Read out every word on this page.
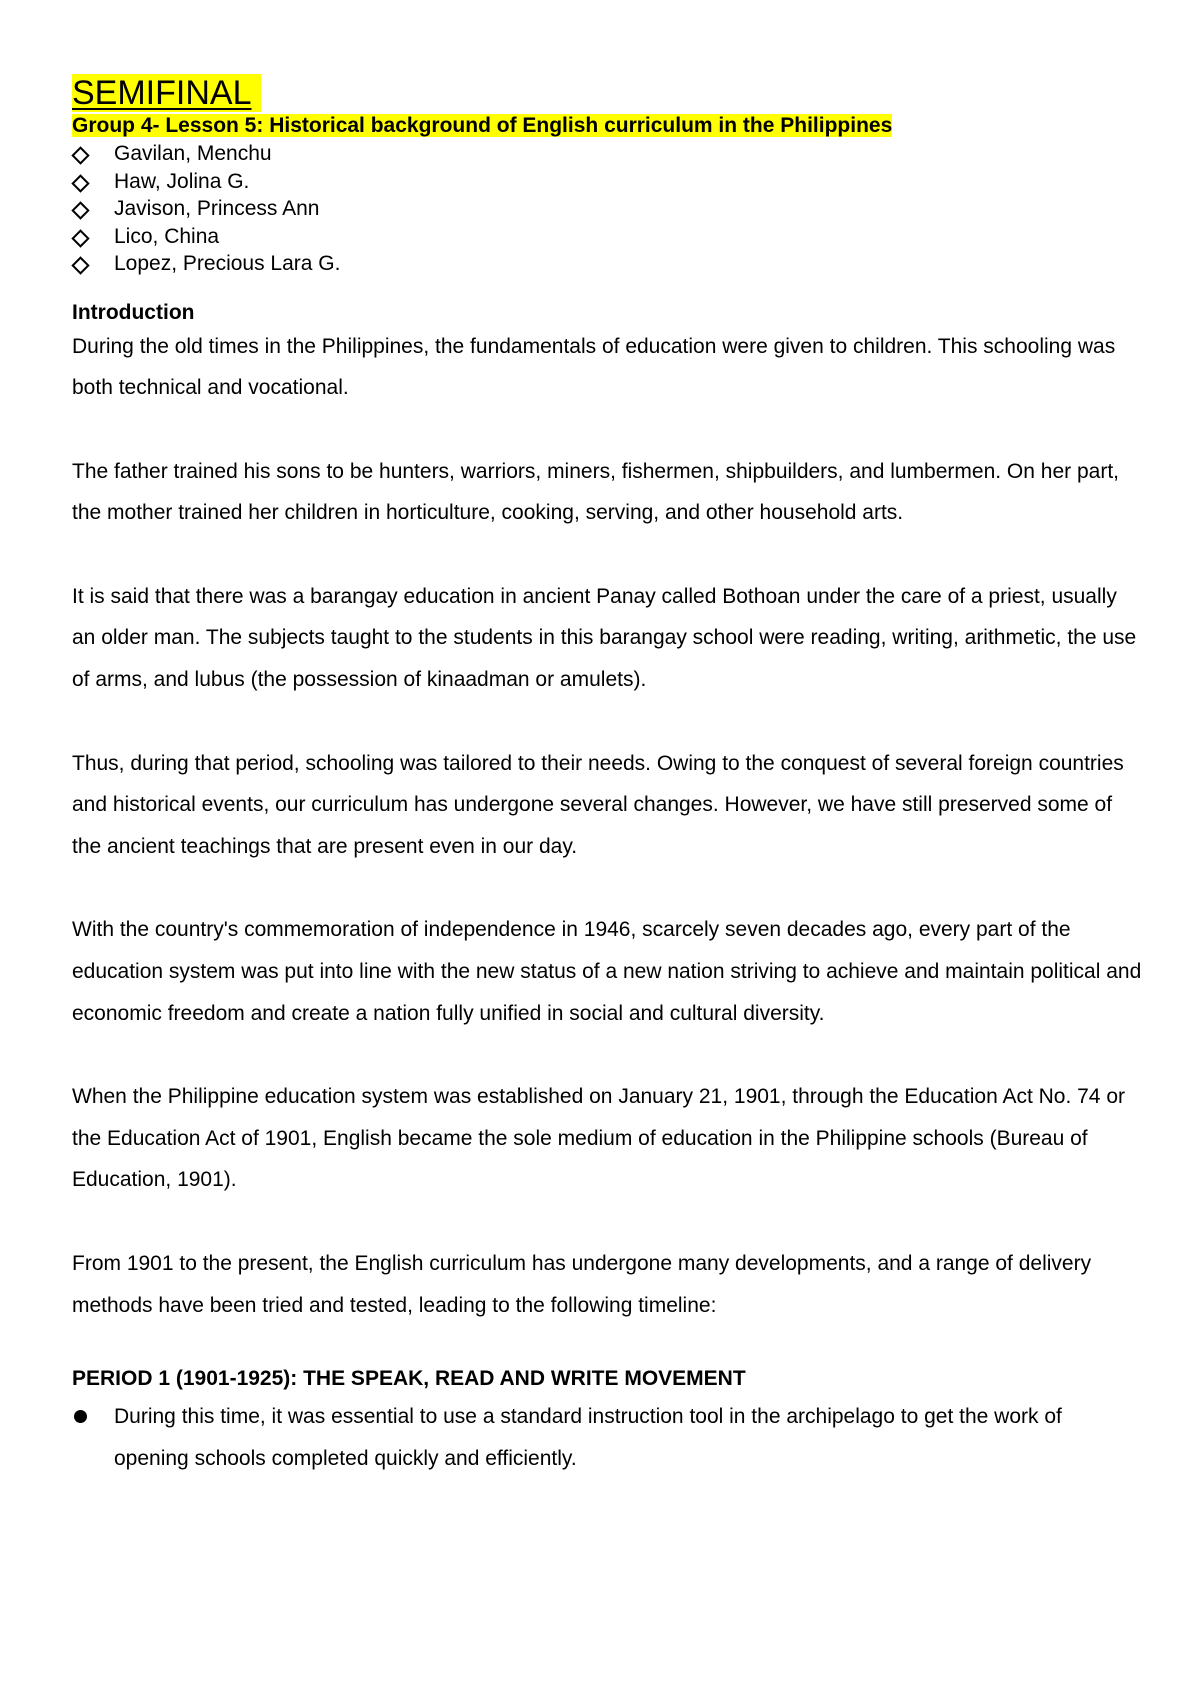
SEMIFINAL
Group 4- Lesson 5: Historical background of English curriculum in the Philippines
Gavilan, Menchu
Haw, Jolina G.
Javison, Princess Ann
Lico, China
Lopez, Precious Lara G.
Introduction

During the old times in the Philippines, the fundamentals of education were given to children. This schooling was both technical and vocational.

The father trained his sons to be hunters, warriors, miners, fishermen, shipbuilders, and lumbermen. On her part, the mother trained her children in horticulture, cooking, serving, and other household arts.

It is said that there was a barangay education in ancient Panay called Bothoan under the care of a priest, usually an older man. The subjects taught to the students in this barangay school were reading, writing, arithmetic, the use of arms, and lubus (the possession of kinaadman or amulets).

Thus, during that period, schooling was tailored to their needs. Owing to the conquest of several foreign countries and historical events, our curriculum has undergone several changes. However, we have still preserved some of the ancient teachings that are present even in our day.

With the country's commemoration of independence in 1946, scarcely seven decades ago, every part of the education system was put into line with the new status of a new nation striving to achieve and maintain political and economic freedom and create a nation fully unified in social and cultural diversity.

When the Philippine education system was established on January 21, 1901, through the Education Act No. 74 or the Education Act of 1901, English became the sole medium of education in the Philippine schools (Bureau of Education, 1901).

From 1901 to the present, the English curriculum has undergone many developments, and a range of delivery methods have been tried and tested, leading to the following timeline:

PERIOD 1 (1901-1925): THE SPEAK, READ AND WRITE MOVEMENT
During this time, it was essential to use a standard instruction tool in the archipelago to get the work of opening schools completed quickly and efficiently.
